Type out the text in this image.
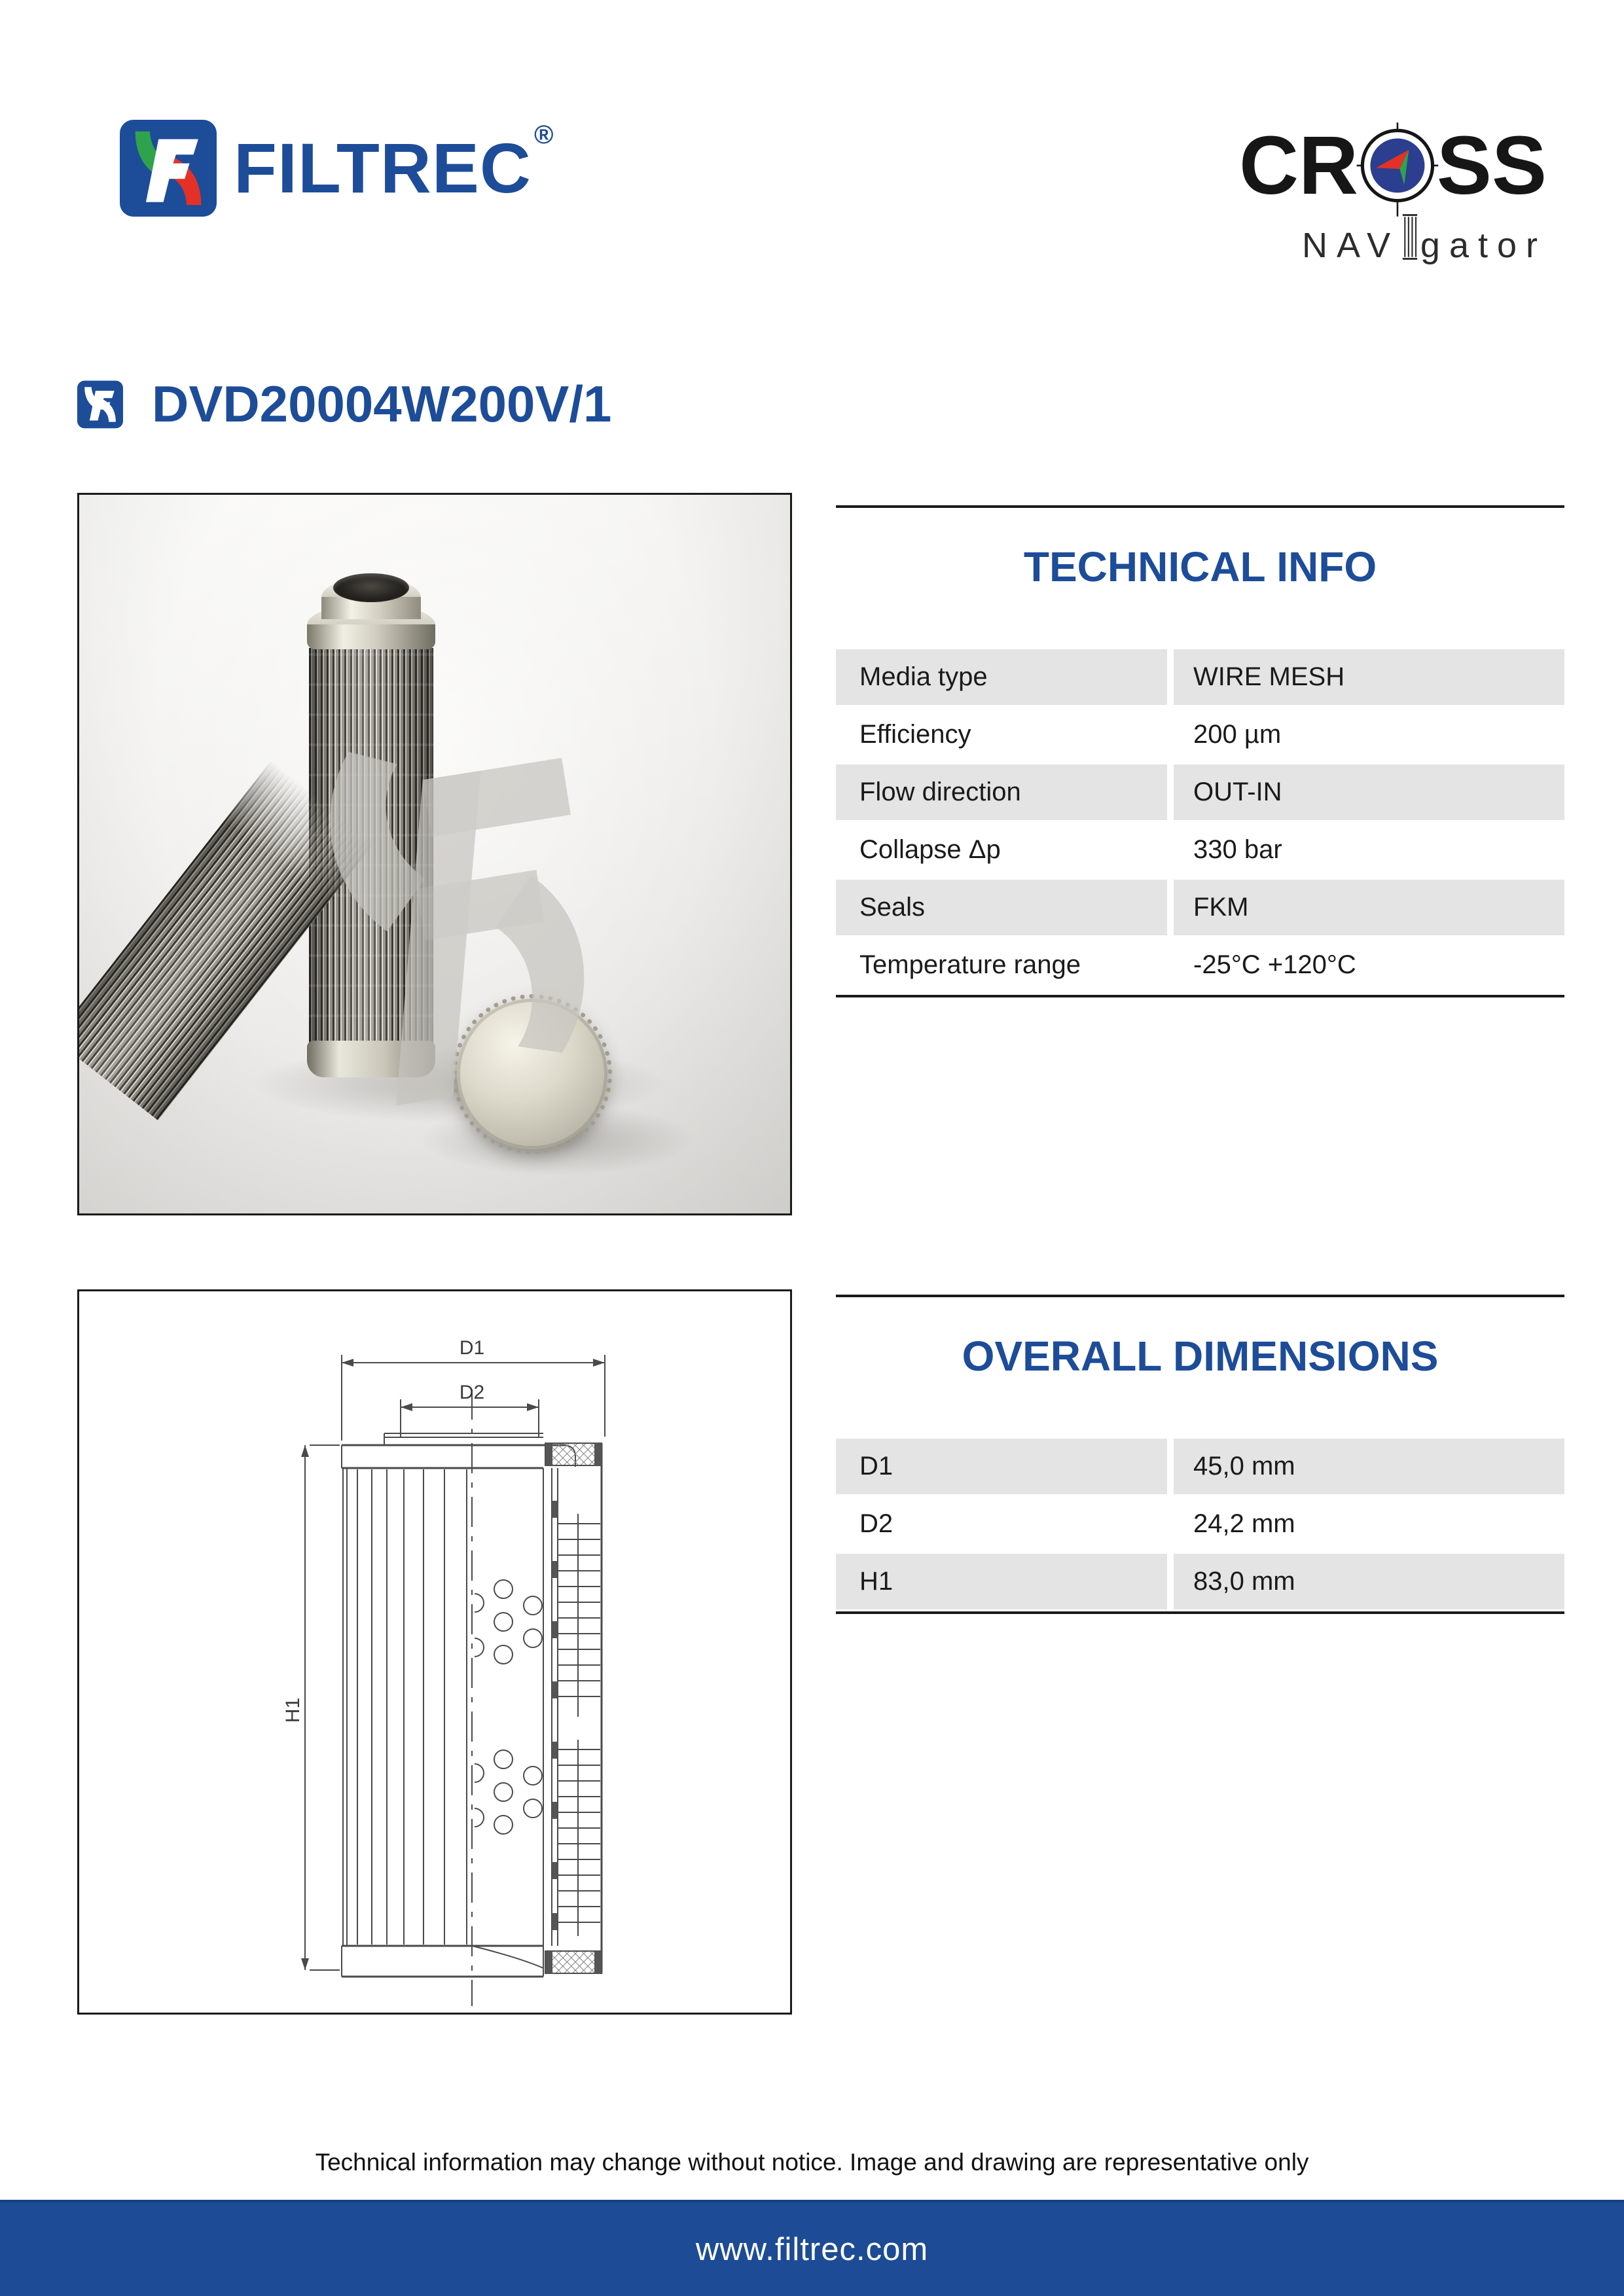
FILTREC ®	CR SS
NAV gator
DVD20004W200V/1
TECHNICAL INFO
Media type	WIRE MESH
Efficiency	200 µm
Flow direction	OUT-IN
Collapse Δp	330 bar
Seals	FKM
Temperature range	-25°C +120°C
D1
D2
H1
OVERALL DIMENSIONS
D1	45,0 mm
D2	24,2 mm
H1	83,0 mm
Technical information may change without notice. Image and drawing are representative only
www.filtrec.com
